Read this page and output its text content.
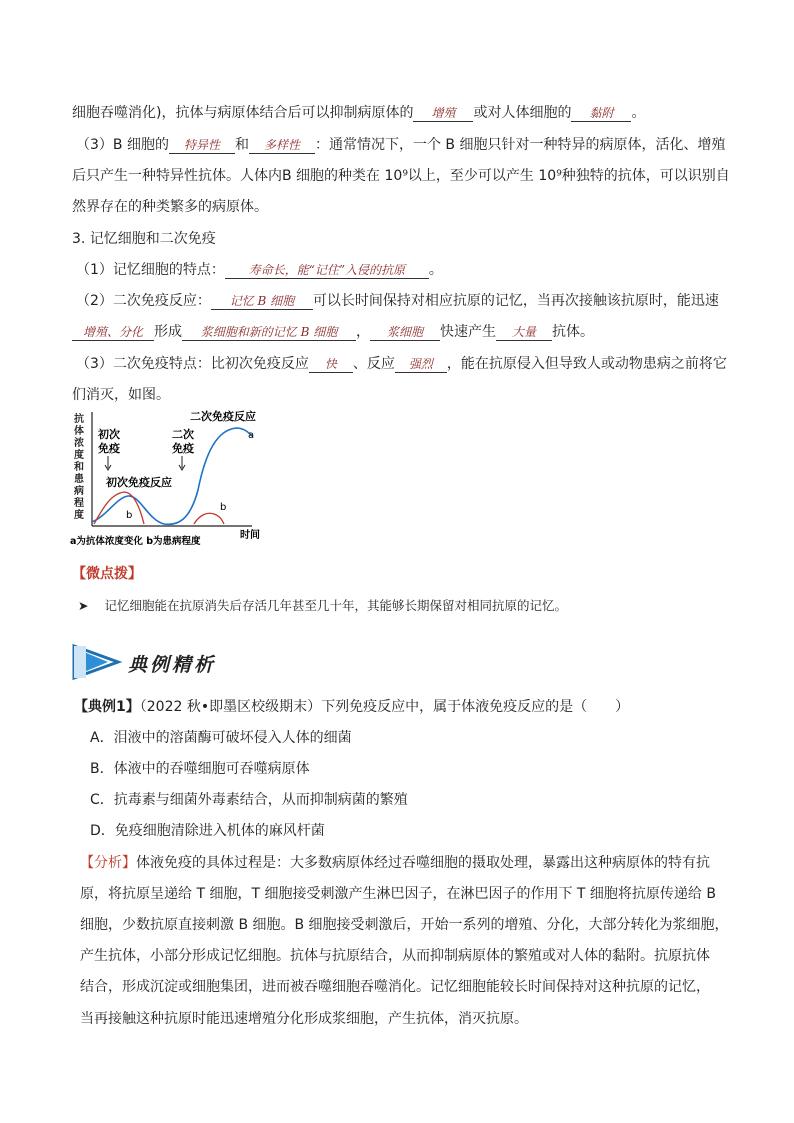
细胞吞噬消化)，抗体与病原体结合后可以抑制病原体的 增殖 或对人体细胞的 黏附 。
（3）B 细胞的 特异性 和 多样性 ：通常情况下，一个 B 细胞只针对一种特异的病原体，活化、增殖
后只产生一种特异性抗体。人体内B 细胞的种类在 10⁹以上，至少可以产生 10⁹种独特的抗体，可以识别自
然界存在的种类繁多的病原体。
3. 记忆细胞和二次免疫
（1）记忆细胞的特点： 寿命长，能“记住”入侵的抗原 。
（2）二次免疫反应： 记忆 B 细胞 可以长时间保持对相应抗原的记忆，当再次接触该抗原时，能迅速
增殖、分化 形成 浆细胞和新的记忆 B 细胞 ， 浆细胞 快速产生 大量 抗体。
（3）二次免疫特点：比初次免疫反应 快 、反应 强烈 ，能在抗原侵入但导致人或动物患病之前将它
们消灭，如图。
抗
体
浓
度
和
患
病
程
度
初次
免疫
二次
免疫
初次免疫反应
二次免疫反应
a
b
b
时间
a为抗体浓度变化 b为患病程度
【微点拨】
➤ 记忆细胞能在抗原消失后存活几年甚至几十年，其能够长期保留对相同抗原的记忆。
典例精析
【典例1】（2022 秋•即墨区校级期末）下列免疫反应中，属于体液免疫反应的是（　　）
A．泪液中的溶菌酶可破坏侵入人体的细菌
B．体液中的吞噬细胞可吞噬病原体
C．抗毒素与细菌外毒素结合，从而抑制病菌的繁殖
D．免疫细胞清除进入机体的麻风杆菌
【分析】体液免疫的具体过程是：大多数病原体经过吞噬细胞的摄取处理，暴露出这种病原体的特有抗
原，将抗原呈递给 T 细胞，T 细胞接受刺激产生淋巴因子，在淋巴因子的作用下 T 细胞将抗原传递给 B
细胞，少数抗原直接刺激 B 细胞。B 细胞接受刺激后，开始一系列的增殖、分化，大部分转化为浆细胞，
产生抗体，小部分形成记忆细胞。抗体与抗原结合，从而抑制病原体的繁殖或对人体的黏附。抗原抗体
结合，形成沉淀或细胞集团，进而被吞噬细胞吞噬消化。记忆细胞能较长时间保持对这种抗原的记忆，
当再接触这种抗原时能迅速增殖分化形成浆细胞，产生抗体，消灭抗原。
